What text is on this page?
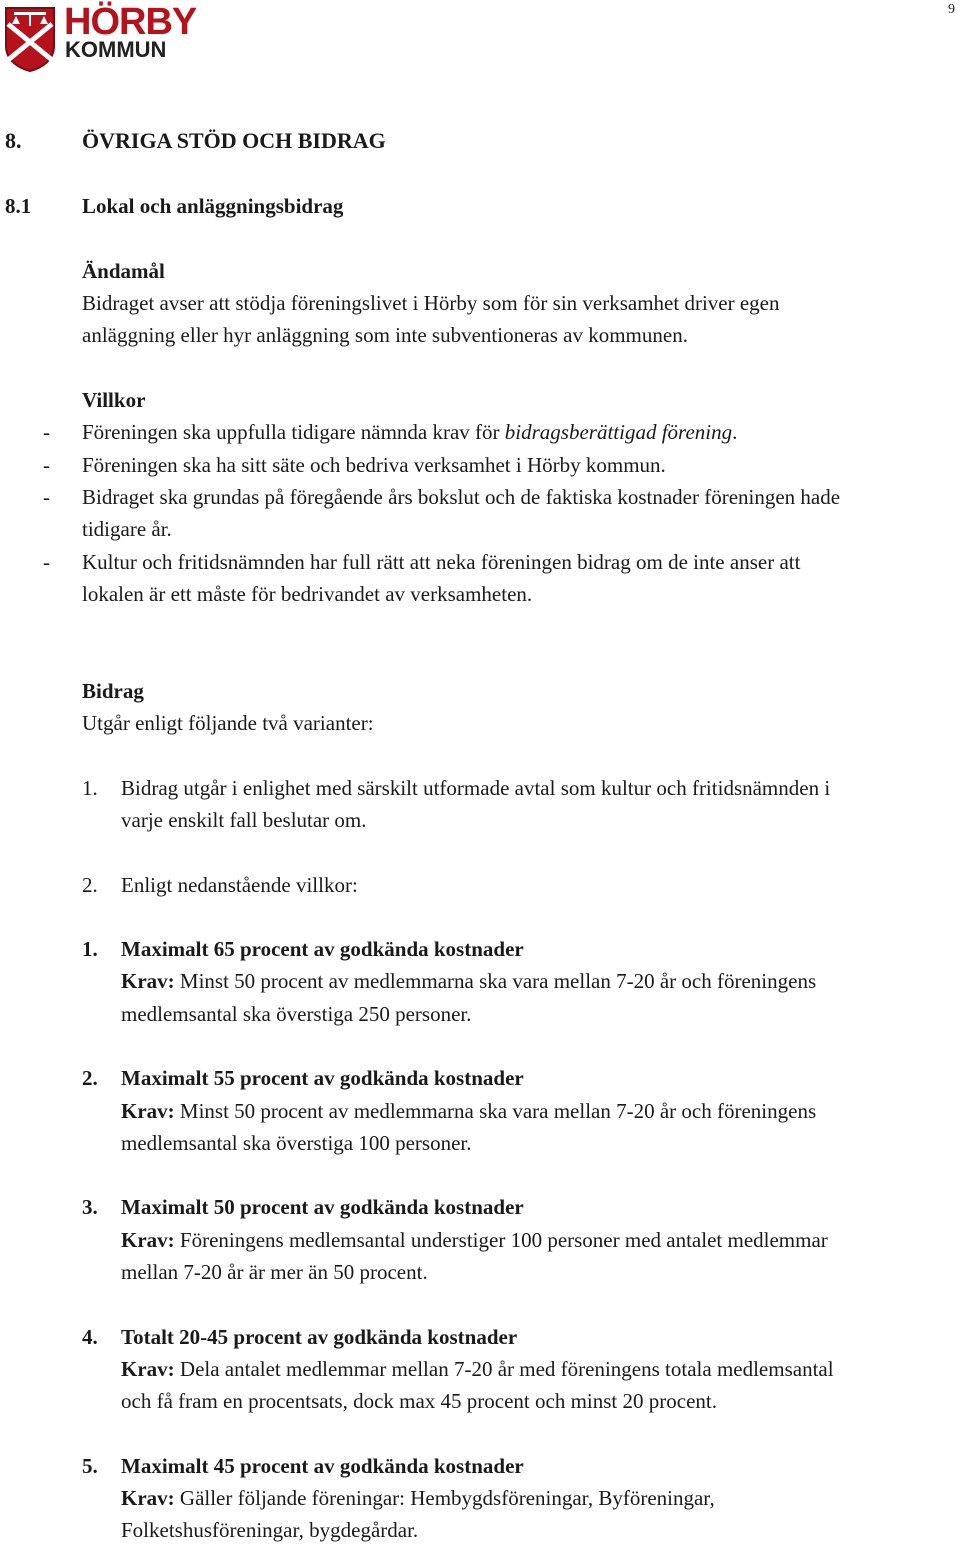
HÖRBY
KOMMUN
9
8.	ÖVRIGA STÖD OCH BIDRAG
8.1 Lokal och anläggningsbidrag
Ändamål
Bidraget avser att stödja föreningslivet i Hörby som för sin verksamhet driver egen
anläggning eller hyr anläggning som inte subventioneras av kommunen.
Villkor
- Föreningen ska uppfulla tidigare nämnda krav för bidragsberättigad förening.
- Föreningen ska ha sitt säte och bedriva verksamhet i Hörby kommun.
- Bidraget ska grundas på föregående års bokslut och de faktiska kostnader föreningen hade
tidigare år.
- Kultur och fritidsnämnden har full rätt att neka föreningen bidrag om de inte anser att
lokalen är ett måste för bedrivandet av verksamheten.
Bidrag
Utgår enligt följande två varianter:
1. Bidrag utgår i enlighet med särskilt utformade avtal som kultur och fritidsnämnden i
varje enskilt fall beslutar om.
2. Enligt nedanstående villkor:
1. Maximalt 65 procent av godkända kostnader
Krav: Minst 50 procent av medlemmarna ska vara mellan 7-20 år och föreningens
medlemsantal ska överstiga 250 personer.
2. Maximalt 55 procent av godkända kostnader
Krav: Minst 50 procent av medlemmarna ska vara mellan 7-20 år och föreningens
medlemsantal ska överstiga 100 personer.
3. Maximalt 50 procent av godkända kostnader
Krav: Föreningens medlemsantal understiger 100 personer med antalet medlemmar
mellan 7-20 år är mer än 50 procent.
4. Totalt 20-45 procent av godkända kostnader
Krav: Dela antalet medlemmar mellan 7-20 år med föreningens totala medlemsantal
och få fram en procentsats, dock max 45 procent och minst 20 procent.
5. Maximalt 45 procent av godkända kostnader
Krav: Gäller följande föreningar: Hembygdsföreningar, Byföreningar,
Folketshusföreningar, bygdegårdar.
